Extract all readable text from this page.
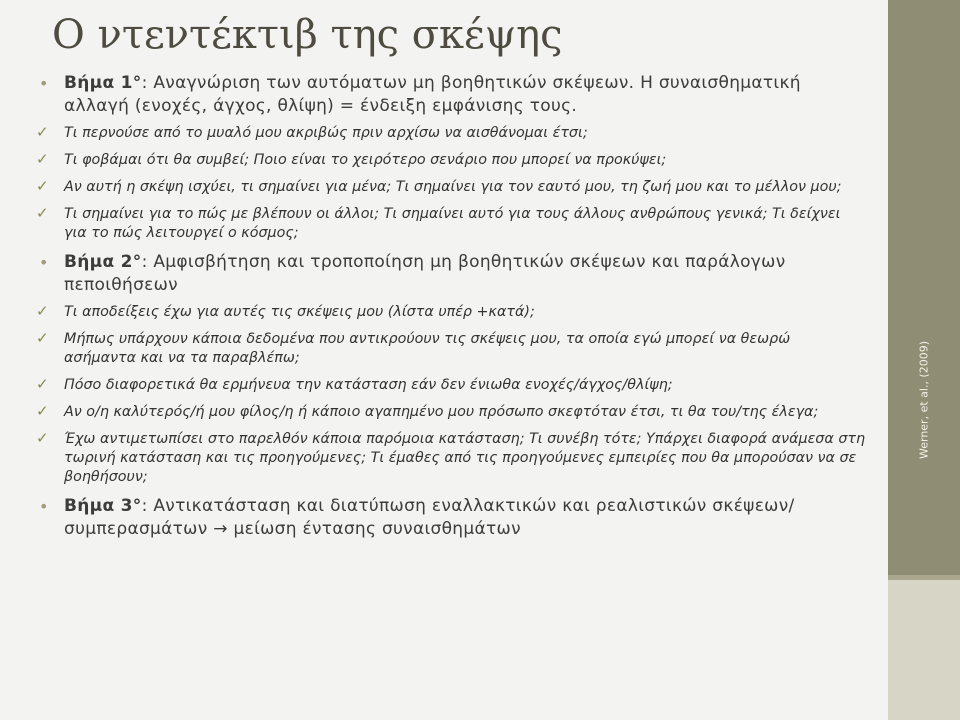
Werner, et al., (2009)
Ο ντεντέκτιβ της σκέψης
• Βήμα 1°: Αναγνώριση των αυτόματων μη βοηθητικών σκέψεων. Η συναισθηματική αλλαγή (ενοχές, άγχος, θλίψη) = ένδειξη εμφάνισης τους.
✓ Τι περνούσε από το μυαλό μου ακριβώς πριν αρχίσω να αισθάνομαι έτσι;
✓ Τι φοβάμαι ότι θα συμβεί; Ποιο είναι το χειρότερο σενάριο που μπορεί να προκύψει;
✓ Αν αυτή η σκέψη ισχύει, τι σημαίνει για μένα; Τι σημαίνει για τον εαυτό μου, τη ζωή μου και το μέλλον μου;
✓ Τι σημαίνει για το πώς με βλέπουν οι άλλοι; Τι σημαίνει αυτό για τους άλλους ανθρώπους γενικά; Τι δείχνει για το πώς λειτουργεί ο κόσμος;
• Βήμα 2°: Αμφισβήτηση και τροποποίηση μη βοηθητικών σκέψεων και παράλογων πεποιθήσεων
✓ Τι αποδείξεις έχω για αυτές τις σκέψεις μου (λίστα υπέρ +κατά);
✓ Μήπως υπάρχουν κάποια δεδομένα που αντικρούουν τις σκέψεις μου, τα οποία εγώ μπορεί να θεωρώ ασήμαντα και να τα παραβλέπω;
✓ Πόσο διαφορετικά θα ερμήνευα την κατάσταση εάν δεν ένιωθα ενοχές/άγχος/θλίψη;
✓ Αν ο/η καλύτερός/ή μου φίλος/η ή κάποιο αγαπημένο μου πρόσωπο σκεφτόταν έτσι, τι θα του/της έλεγα;
✓ Έχω αντιμετωπίσει στο παρελθόν κάποια παρόμοια κατάσταση; Τι συνέβη τότε; Υπάρχει διαφορά ανάμεσα στη τωρινή κατάσταση και τις προηγούμενες; Τι έμαθες από τις προηγούμενες εμπειρίες που θα μπορούσαν να σε βοηθήσουν;
• Βήμα 3°: Αντικατάσταση και διατύπωση εναλλακτικών και ρεαλιστικών σκέψεων/ συμπερασμάτων → μείωση έντασης συναισθημάτων
